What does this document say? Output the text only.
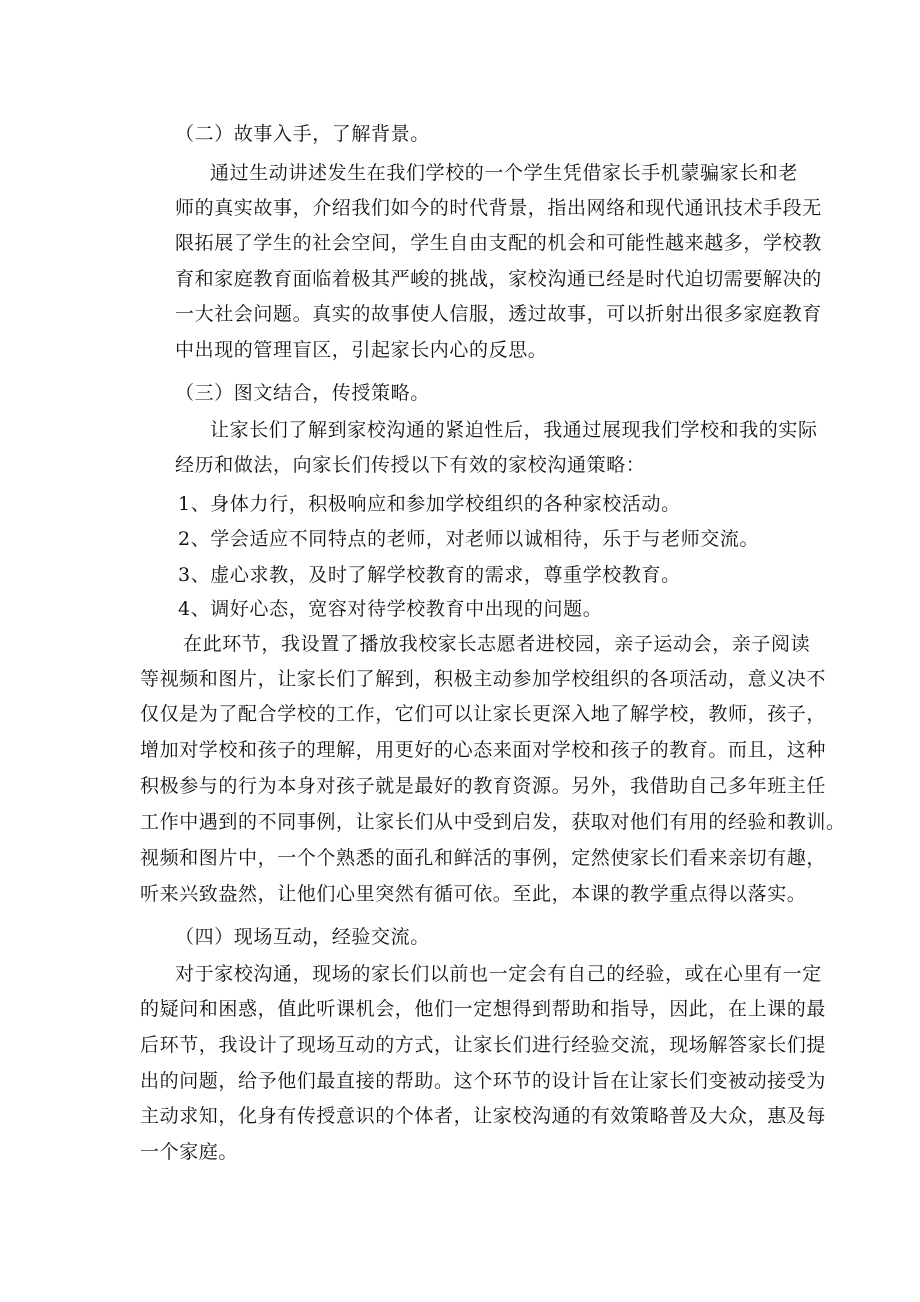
（二）故事入手，了解背景。
通过生动讲述发生在我们学校的一个学生凭借家长手机蒙骗家长和老
师的真实故事，介绍我们如今的时代背景，指出网络和现代通讯技术手段无
限拓展了学生的社会空间，学生自由支配的机会和可能性越来越多，学校教
育和家庭教育面临着极其严峻的挑战，家校沟通已经是时代迫切需要解决的
一大社会问题。真实的故事使人信服，透过故事，可以折射出很多家庭教育
中出现的管理盲区，引起家长内心的反思。
（三）图文结合，传授策略。
让家长们了解到家校沟通的紧迫性后，我通过展现我们学校和我的实际
经历和做法，向家长们传授以下有效的家校沟通策略：
1、身体力行，积极响应和参加学校组织的各种家校活动。
2、学会适应不同特点的老师，对老师以诚相待，乐于与老师交流。
3、虚心求教，及时了解学校教育的需求，尊重学校教育。
4、调好心态，宽容对待学校教育中出现的问题。
在此环节，我设置了播放我校家长志愿者进校园，亲子运动会，亲子阅读
等视频和图片，让家长们了解到，积极主动参加学校组织的各项活动，意义决不
仅仅是为了配合学校的工作，它们可以让家长更深入地了解学校，教师，孩子，
增加对学校和孩子的理解，用更好的心态来面对学校和孩子的教育。而且，这种
积极参与的行为本身对孩子就是最好的教育资源。另外，我借助自己多年班主任
工作中遇到的不同事例，让家长们从中受到启发，获取对他们有用的经验和教训。
视频和图片中，一个个熟悉的面孔和鲜活的事例，定然使家长们看来亲切有趣，
听来兴致盎然，让他们心里突然有循可依。至此，本课的教学重点得以落实。
（四）现场互动，经验交流。
对于家校沟通，现场的家长们以前也一定会有自己的经验，或在心里有一定
的疑问和困惑，值此听课机会，他们一定想得到帮助和指导，因此，在上课的最
后环节，我设计了现场互动的方式，让家长们进行经验交流，现场解答家长们提
出的问题，给予他们最直接的帮助。这个环节的设计旨在让家长们变被动接受为
主动求知，化身有传授意识的个体者，让家校沟通的有效策略普及大众，惠及每
一个家庭。
